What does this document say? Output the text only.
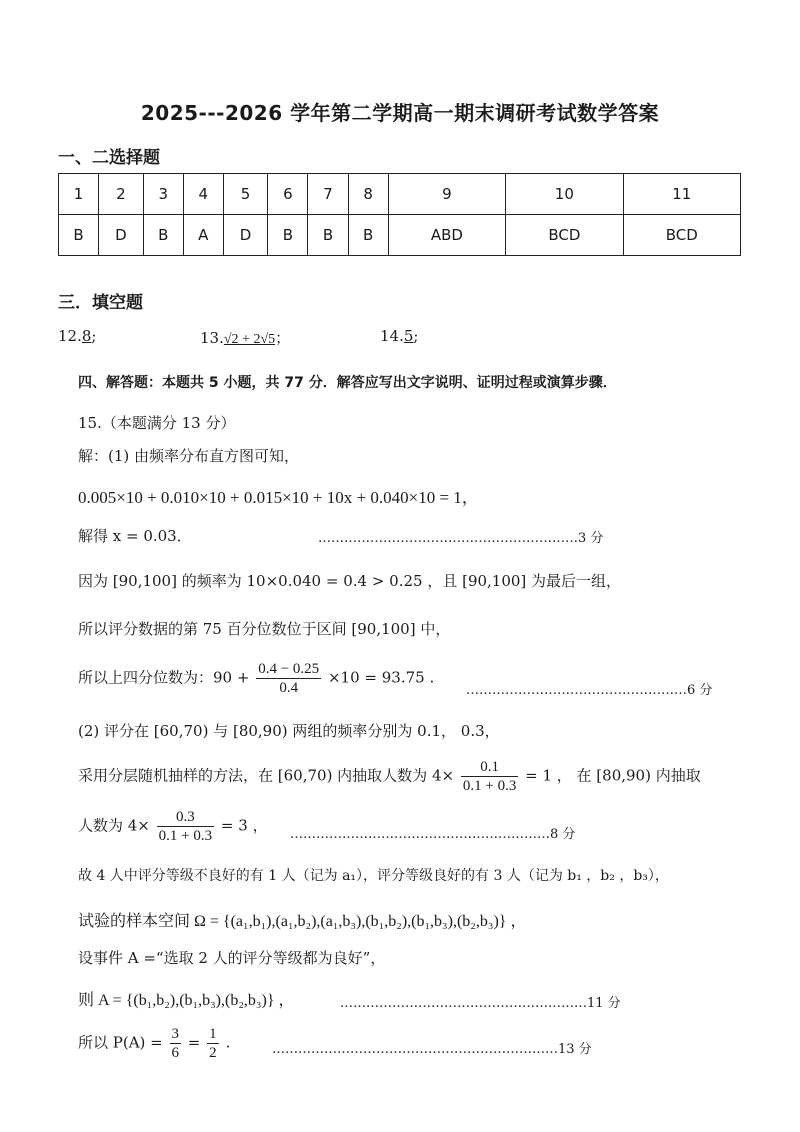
2025---2026 学年第二学期高一期末调研考试数学答案
一、二选择题
1	2	3	4	5	6	7	8	9	10	11
B	D	B	A	D	B	B	B	ABD	BCD	BCD
三．填空题
12.8;	13.√2 + 2√5；	14.5;
四、解答题：本题共 5 小题，共 77 分．解答应写出文字说明、证明过程或演算步骤．
15.（本题满分 13 分）
解：(1) 由频率分布直方图可知，
0.005×10 + 0.010×10 + 0.015×10 + 10x + 0.040×10 = 1，
解得 x = 0.03．	……………………………………………………3 分
因为 [90,100] 的频率为 10×0.040 = 0.4 > 0.25 ，且 [90,100] 为最后一组，
所以评分数据的第 75 百分位数位于区间 [90,100] 中，
所以上四分位数为：$90 + \frac{0.4 - 0.25}{0.4} \times 10 = 93.75$ .
……………………………………………6 分
(2) 评分在 [60,70) 与 [80,90) 两组的频率分别为 0.1， 0.3，
采用分层随机抽样的方法，在 [60,70) 内抽取人数为 $4\times \frac{0.1}{0.1 + 0.3} = 1$ ， 在 [80,90) 内抽取
人数为 $4\times \frac{0.3}{0.1 + 0.3} = 3$ ， ……………………………………………………8 分
故 4 人中评分等级不良好的有 1 人（记为 a₁），评分等级良好的有 3 人（记为 b₁ ，b₂ ，b₃），
试验的样本空间 Ω = {(a₁,b₁),(a₁,b₂),(a₁,b₃),(b₁,b₂),(b₁,b₃),(b₂,b₃)} ，
设事件 A =“选取 2 人的评分等级都为良好”，
则 A = {(b₁,b₂),(b₁,b₃),(b₂,b₃)} ，	…………………………………………………11 分
所以 $P(A) = \frac{3}{6} = \frac{1}{2}$ .	…………………………………………………………13 分
